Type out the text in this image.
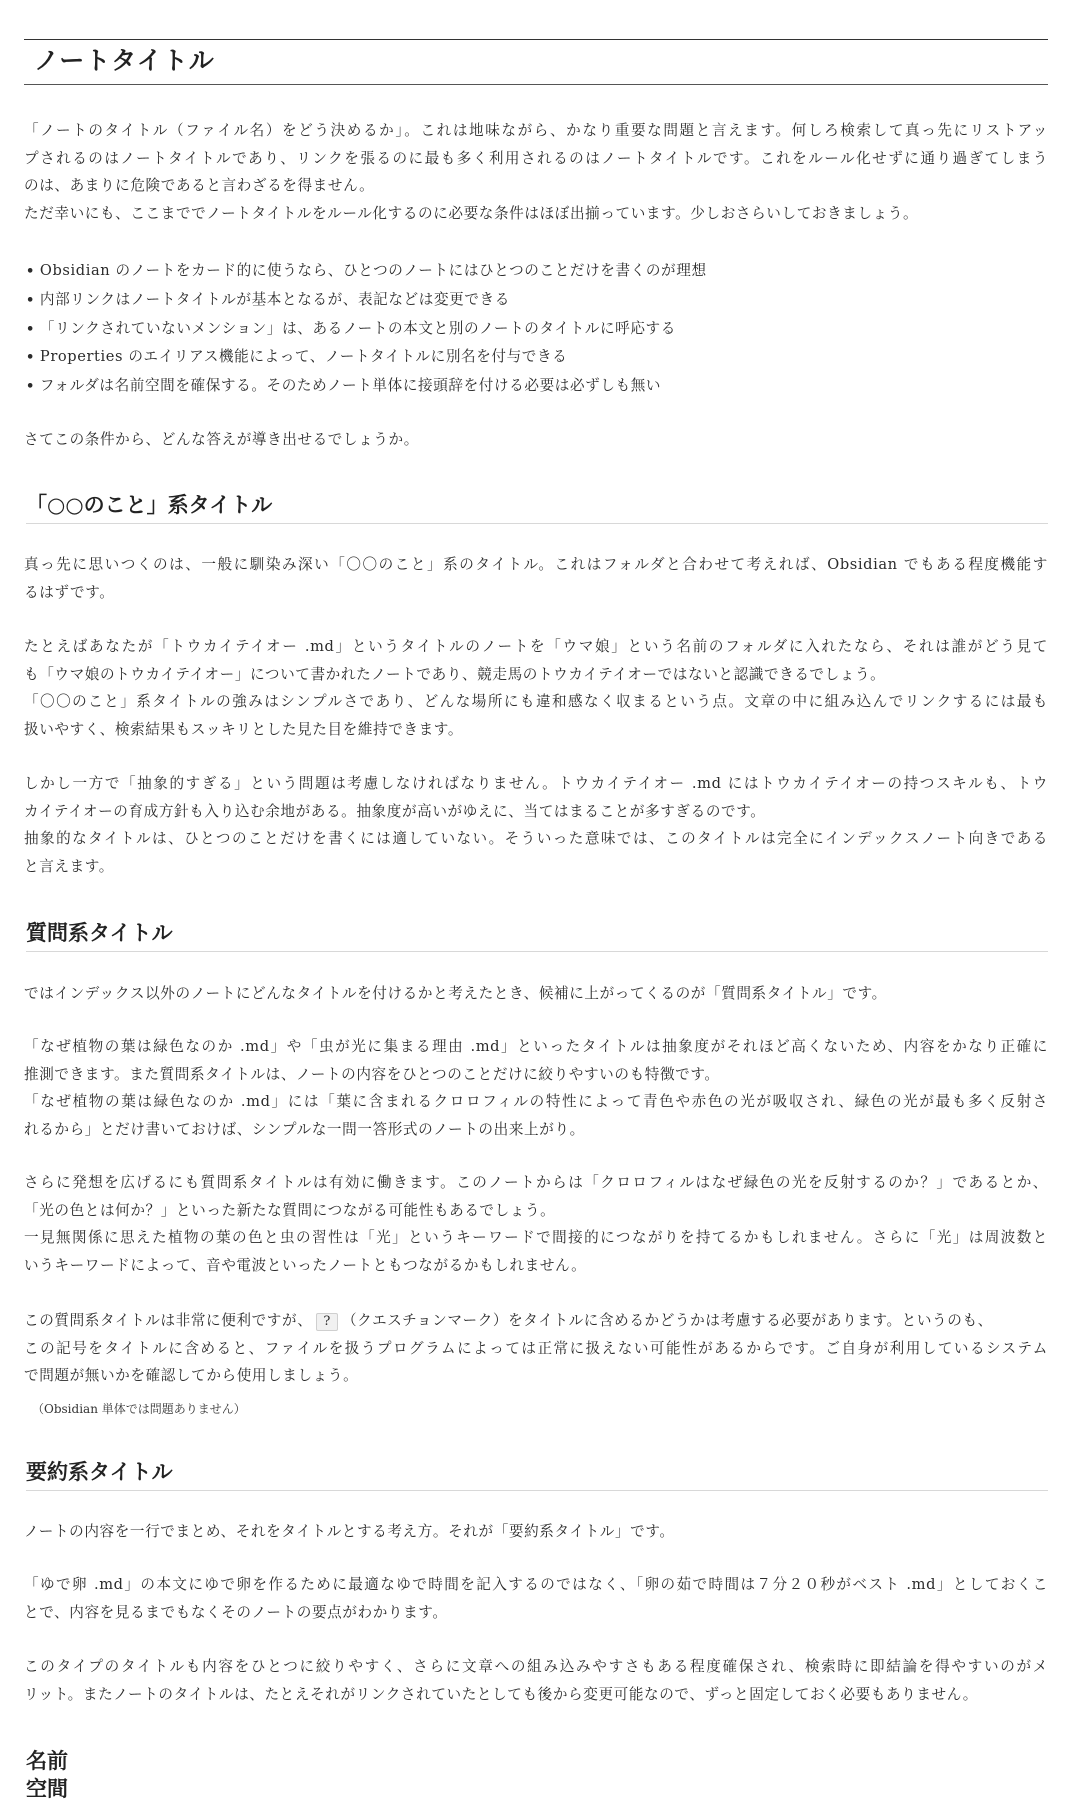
ノートタイトル
「ノートのタイトル（ファイル名）をどう決めるか」。これは地味ながら、かなり重要な問題と言えます。何しろ検索して真っ先にリストアッ
プされるのはノートタイトルであり、リンクを張るのに最も多く利用されるのはノートタイトルです。これをルール化せずに通り過ぎてしまう
のは、あまりに危険であると言わざるを得ません。
ただ幸いにも、ここまででノートタイトルをルール化するのに必要な条件はほぼ出揃っています。少しおさらいしておきましょう。
• Obsidian のノートをカード的に使うなら、ひとつのノートにはひとつのことだけを書くのが理想
• 内部リンクはノートタイトルが基本となるが、表記などは変更できる
• 「リンクされていないメンション」は、あるノートの本文と別のノートのタイトルに呼応する
• Properties のエイリアス機能によって、ノートタイトルに別名を付与できる
• フォルダは名前空間を確保する。そのためノート単体に接頭辞を付ける必要は必ずしも無い
さてこの条件から、どんな答えが導き出せるでしょうか。
「○○のこと」系タイトル
真っ先に思いつくのは、一般に馴染み深い「〇〇のこと」系のタイトル。これはフォルダと合わせて考えれば、Obsidian でもある程度機能す
るはずです。
たとえばあなたが「トウカイテイオー .md」というタイトルのノートを「ウマ娘」という名前のフォルダに入れたなら、それは誰がどう見て
も「ウマ娘のトウカイテイオー」について書かれたノートであり、競走馬のトウカイテイオーではないと認識できるでしょう。
「〇〇のこと」系タイトルの強みはシンプルさであり、どんな場所にも違和感なく収まるという点。文章の中に組み込んでリンクするには最も
扱いやすく、検索結果もスッキリとした見た目を維持できます。
しかし一方で「抽象的すぎる」という問題は考慮しなければなりません。トウカイテイオー .md にはトウカイテイオーの持つスキルも、トウ
カイテイオーの育成方針も入り込む余地がある。抽象度が高いがゆえに、当てはまることが多すぎるのです。
抽象的なタイトルは、ひとつのことだけを書くには適していない。そういった意味では、このタイトルは完全にインデックスノート向きである
と言えます。
質問系タイトル
ではインデックス以外のノートにどんなタイトルを付けるかと考えたとき、候補に上がってくるのが「質問系タイトル」です。
「なぜ植物の葉は緑色なのか .md」や「虫が光に集まる理由 .md」といったタイトルは抽象度がそれほど高くないため、内容をかなり正確に
推測できます。また質問系タイトルは、ノートの内容をひとつのことだけに絞りやすいのも特徴です。
「なぜ植物の葉は緑色なのか .md」には「葉に含まれるクロロフィルの特性によって青色や赤色の光が吸収され、緑色の光が最も多く反射さ
れるから」とだけ書いておけば、シンプルな一問一答形式のノートの出来上がり。
さらに発想を広げるにも質問系タイトルは有効に働きます。このノートからは「クロロフィルはなぜ緑色の光を反射するのか？」であるとか、
「光の色とは何か？」といった新たな質問につながる可能性もあるでしょう。
一見無関係に思えた植物の葉の色と虫の習性は「光」というキーワードで間接的につながりを持てるかもしれません。さらに「光」は周波数と
いうキーワードによって、音や電波といったノートともつながるかもしれません。
この質問系タイトルは非常に便利ですが、 ? （クエスチョンマーク）をタイトルに含めるかどうかは考慮する必要があります。というのも、
この記号をタイトルに含めると、ファイルを扱うプログラムによっては正常に扱えない可能性があるからです。ご自身が利用しているシステム
で問題が無いかを確認してから使用しましょう。
（Obsidian 単体では問題ありません）
要約系タイトル
ノートの内容を一行でまとめ、それをタイトルとする考え方。それが「要約系タイトル」です。
「ゆで卵 .md」の本文にゆで卵を作るために最適なゆで時間を記入するのではなく、「卵の茹で時間は７分２０秒がベスト .md」としておくこ
とで、内容を見るまでもなくそのノートの要点がわかります。
このタイプのタイトルも内容をひとつに絞りやすく、さらに文章への組み込みやすさもある程度確保され、検索時に即結論を得やすいのがメ
リット。またノートのタイトルは、たとえそれがリンクされていたとしても後から変更可能なので、ずっと固定しておく必要もありません。
名前空間
